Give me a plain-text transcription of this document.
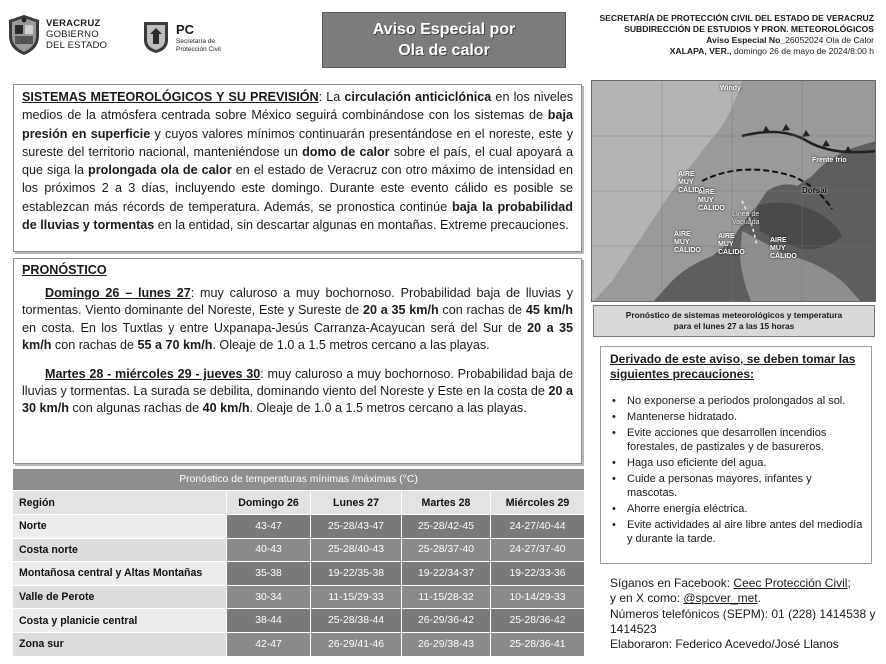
VERACRUZ
GOBIERNO
DEL ESTADO
PC
Secretaría de Protección Civil
Aviso Especial por
Ola de calor
SECRETARÍA DE PROTECCIÓN CIVIL DEL ESTADO DE VERACRUZ
SUBDIRECCIÓN DE ESTUDIOS Y PRON. METEOROLÓGICOS
Aviso Especial No_26052024 Ola de Calor
XALAPA, VER., domingo 26 de mayo de 2024/8:00 h

SISTEMAS METEOROLÓGICOS Y SU PREVISIÓN: La circulación anticiclónica en los niveles medios de la atmósfera centrada sobre México seguirá combinándose con los sistemas de baja presión en superficie y cuyos valores mínimos continuarán presentándose en el noreste, este y sureste del territorio nacional, manteniéndose un domo de calor sobre el país, el cual apoyará a que siga la prolongada ola de calor en el estado de Veracruz con otro máximo de intensidad en los próximos 2 a 3 días, incluyendo este domingo. Durante este evento cálido es posible se establezcan más récords de temperatura. Además, se pronostica continúe baja la probabilidad de lluvias y tormentas en la entidad, sin descartar algunas en montañas. Extreme precauciones.

PRONÓSTICO

Domingo 26 – lunes 27: muy caluroso a muy bochornoso. Probabilidad baja de lluvias y tormentas. Viento dominante del Noreste, Este y Sureste de 20 a 35 km/h con rachas de 45 km/h en costa. En los Tuxtlas y entre Uxpanapa-Jesús Carranza-Acayucan será del Sur de 20 a 35 km/h con rachas de 55 a 70 km/h. Oleaje de 1.0 a 1.5 metros cercano a las playas.

Martes 28 - miércoles 29 - jueves 30: muy caluroso a muy bochornoso. Probabilidad baja de lluvias y tormentas. La surada se debilita, dominando viento del Noreste y Este en la costa de 20 a 30 km/h con algunas rachas de 40 km/h. Oleaje de 1.0 a 1.5 metros cercano a las playas.

Windy
Frente frío
Dorsal
Línea de Vaguada
AIRE MUY CÁLIDO
AIRE MUY CÁLIDO
AIRE MUY CÁLIDO
AIRE MUY CÁLIDO
AIRE MUY CÁLIDO
Pronóstico de sistemas meteorológicos y temperatura
para el lunes 27 a las 15 horas
Derivado de este aviso, se deben tomar las siguientes precauciones:
• No exponerse a periodos prolongados al sol.
• Mantenerse hidratado.
• Evite acciones que desarrollen incendios forestales, de pastizales y de basureros.
• Haga uso eficiente del agua.
• Cuide a personas mayores, infantes y mascotas.
• Ahorre energía eléctrica.
• Evite actividades al aire libre antes del mediodía y durante la tarde.
Síganos en Facebook: Ceec Protección Civil;
y en X como: @spcver_met.
Números telefónicos (SEPM): 01 (228) 1414538 y 1414523
Elaboraron: Federico Acevedo/José Llanos
Pronóstico de temperaturas mínimas /máximas (°C)				
Región	Domingo 26	Lunes 27	Martes 28	Miércoles 29
Norte	43-47	25-28/43-47	25-28/42-45	24-27/40-44
Costa norte	40-43	25-28/40-43	25-28/37-40	24-27/37-40
Montañosa central y Altas Montañas	35-38	19-22/35-38	19-22/34-37	19-22/33-36
Valle de Perote	30-34	11-15/29-33	11-15/28-32	10-14/29-33
Costa y planicie central	38-44	25-28/38-44	26-29/36-42	25-28/36-42
Zona sur	42-47	26-29/41-46	26-29/38-43	25-28/36-41
